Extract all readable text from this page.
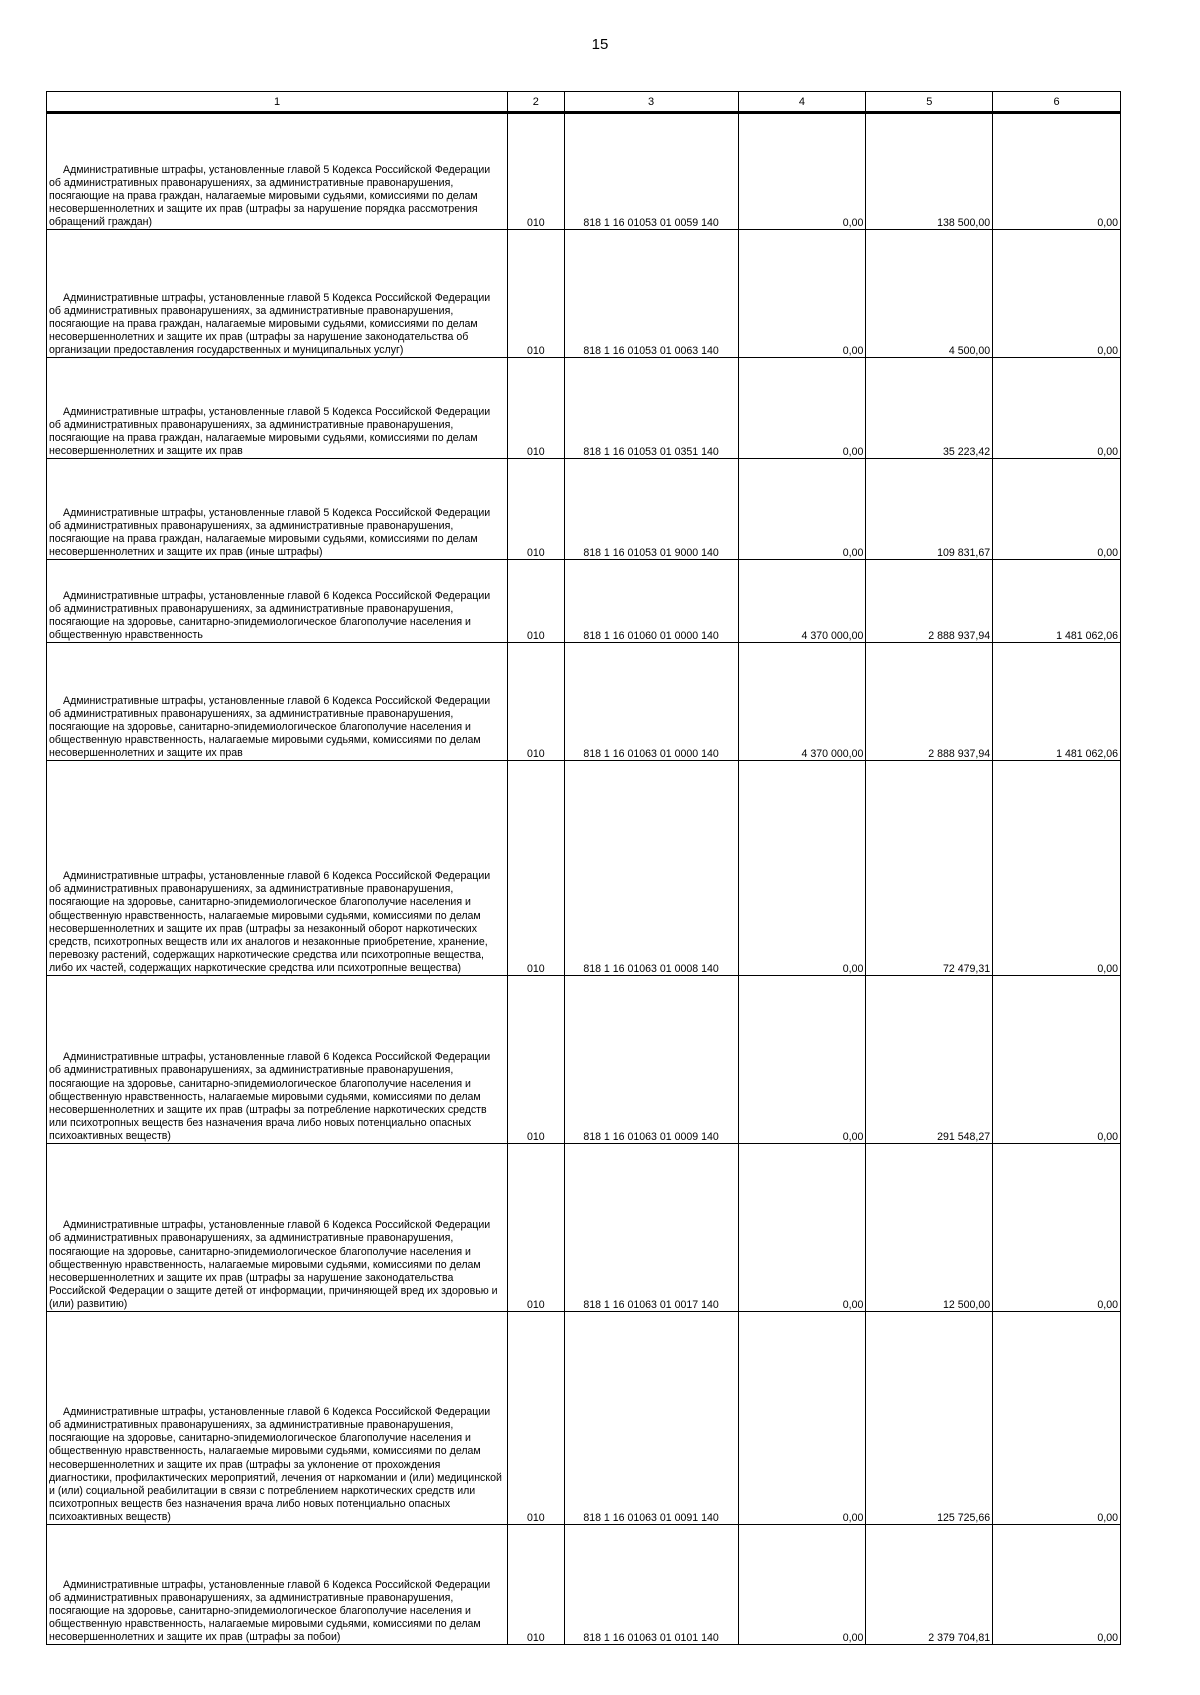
15
1	2	3	4	5	6
Административные штрафы, установленные главой 5 Кодекса Российской Федерации об административных правонарушениях, за административные правонарушения, посягающие на права граждан, налагаемые мировыми судьями, комиссиями по делам несовершеннолетних и защите их прав (штрафы за нарушение порядка рассмотрения обращений граждан)	010	818 1 16 01053 01 0059 140	0,00	138 500,00	0,00
Административные штрафы, установленные главой 5 Кодекса Российской Федерации об административных правонарушениях, за административные правонарушения, посягающие на права граждан, налагаемые мировыми судьями, комиссиями по делам несовершеннолетних и защите их прав (штрафы за нарушение законодательства об организации предоставления государственных и муниципальных услуг)	010	818 1 16 01053 01 0063 140	0,00	4 500,00	0,00
Административные штрафы, установленные главой 5 Кодекса Российской Федерации об административных правонарушениях, за административные правонарушения, посягающие на права граждан, налагаемые мировыми судьями, комиссиями по делам несовершеннолетних и защите их прав	010	818 1 16 01053 01 0351 140	0,00	35 223,42	0,00
Административные штрафы, установленные главой 5 Кодекса Российской Федерации об административных правонарушениях, за административные правонарушения, посягающие на права граждан, налагаемые мировыми судьями, комиссиями по делам несовершеннолетних и защите их прав (иные штрафы)	010	818 1 16 01053 01 9000 140	0,00	109 831,67	0,00
Административные штрафы, установленные главой 6 Кодекса Российской Федерации об административных правонарушениях, за административные правонарушения, посягающие на здоровье, санитарно-эпидемиологическое благополучие населения и общественную нравственность	010	818 1 16 01060 01 0000 140	4 370 000,00	2 888 937,94	1 481 062,06
Административные штрафы, установленные главой 6 Кодекса Российской Федерации об административных правонарушениях, за административные правонарушения, посягающие на здоровье, санитарно-эпидемиологическое благополучие населения и общественную нравственность, налагаемые мировыми судьями, комиссиями по делам несовершеннолетних и защите их прав	010	818 1 16 01063 01 0000 140	4 370 000,00	2 888 937,94	1 481 062,06
Административные штрафы, установленные главой 6 Кодекса Российской Федерации об административных правонарушениях, за административные правонарушения, посягающие на здоровье, санитарно-эпидемиологическое благополучие населения и общественную нравственность, налагаемые мировыми судьями, комиссиями по делам несовершеннолетних и защите их прав (штрафы за незаконный оборот наркотических средств, психотропных веществ или их аналогов и незаконные приобретение, хранение, перевозку растений, содержащих наркотические средства или психотропные вещества, либо их частей, содержащих наркотические средства или психотропные вещества)	010	818 1 16 01063 01 0008 140	0,00	72 479,31	0,00
Административные штрафы, установленные главой 6 Кодекса Российской Федерации об административных правонарушениях, за административные правонарушения, посягающие на здоровье, санитарно-эпидемиологическое благополучие населения и общественную нравственность, налагаемые мировыми судьями, комиссиями по делам несовершеннолетних и защите их прав (штрафы за потребление наркотических средств или психотропных веществ без назначения врача либо новых потенциально опасных психоактивных веществ)	010	818 1 16 01063 01 0009 140	0,00	291 548,27	0,00
Административные штрафы, установленные главой 6 Кодекса Российской Федерации об административных правонарушениях, за административные правонарушения, посягающие на здоровье, санитарно-эпидемиологическое благополучие населения и общественную нравственность, налагаемые мировыми судьями, комиссиями по делам несовершеннолетних и защите их прав (штрафы за нарушение законодательства Российской Федерации о защите детей от информации, причиняющей вред их здоровью и (или) развитию)	010	818 1 16 01063 01 0017 140	0,00	12 500,00	0,00
Административные штрафы, установленные главой 6 Кодекса Российской Федерации об административных правонарушениях, за административные правонарушения, посягающие на здоровье, санитарно-эпидемиологическое благополучие населения и общественную нравственность, налагаемые мировыми судьями, комиссиями по делам несовершеннолетних и защите их прав (штрафы за уклонение от прохождения диагностики, профилактических мероприятий, лечения от наркомании и (или) медицинской и (или) социальной реабилитации в связи с потреблением наркотических средств или психотропных веществ без назначения врача либо новых потенциально опасных психоактивных веществ)	010	818 1 16 01063 01 0091 140	0,00	125 725,66	0,00
Административные штрафы, установленные главой 6 Кодекса Российской Федерации об административных правонарушениях, за административные правонарушения, посягающие на здоровье, санитарно-эпидемиологическое благополучие населения и общественную нравственность, налагаемые мировыми судьями, комиссиями по делам несовершеннолетних и защите их прав (штрафы за побои)	010	818 1 16 01063 01 0101 140	0,00	2 379 704,81	0,00
